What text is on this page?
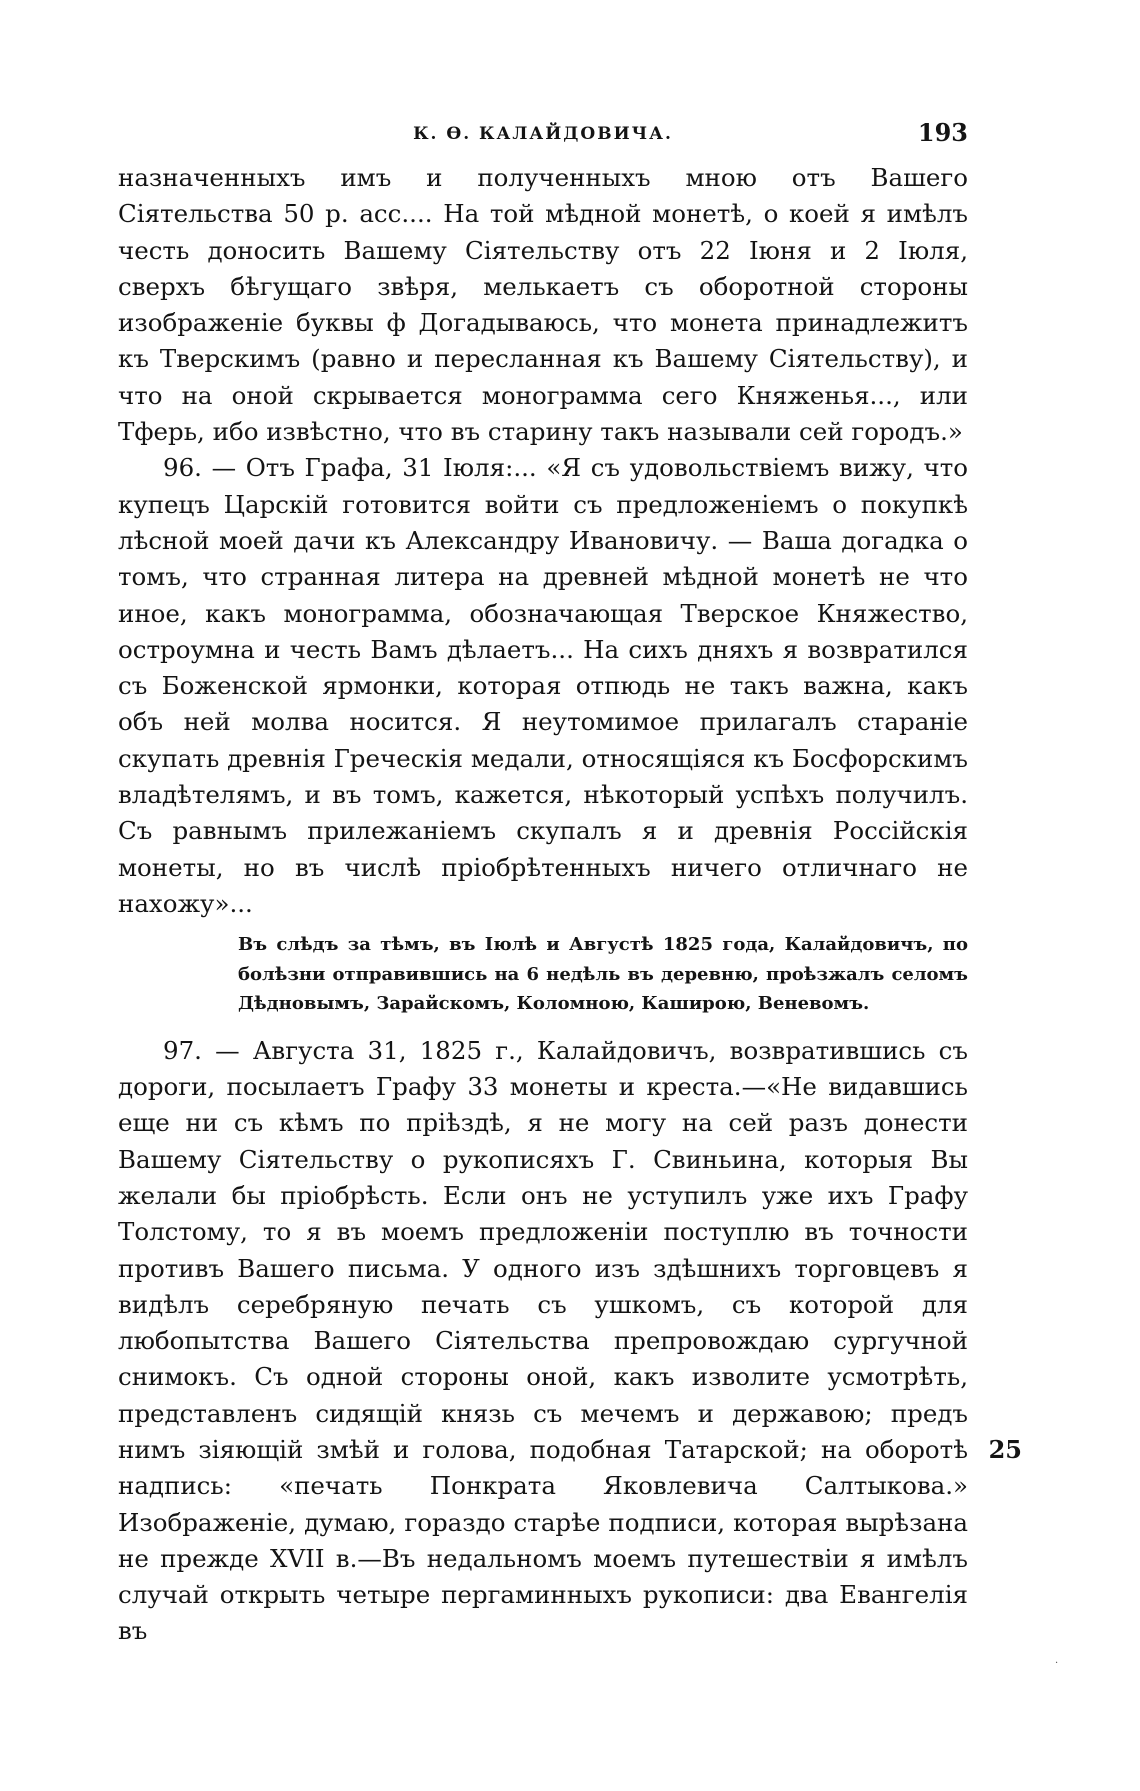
К. Ѳ. КАЛАЙДОВИЧА.	193

назначенныхъ имъ и полученныхъ мною отъ Вашего Сіятельства 50 р. асс.... На той мѣдной монетѣ, о коей я имѣлъ честь доносить Вашему Сіятельству отъ 22 Іюня и 2 Іюля, сверхъ бѣгущаго звѣря, мелькаетъ съ оборотной стороны изображеніе буквы ф Догадываюсь, что монета принадлежитъ къ Тверскимъ (равно и пересланная къ Вашему Сіятельству), и что на оной скрывается монограмма сего Княженья..., или Тферь, ибо извѣстно, что въ старину такъ называли сей городъ.»

96. — Отъ Графа, 31 Іюля:... «Я съ удовольствіемъ вижу, что купецъ Царскій готовится войти съ предложеніемъ о покупкѣ лѣсной моей дачи къ Александру Ивановичу. — Ваша догадка о томъ, что странная литера на древней мѣдной монетѣ не что иное, какъ монограмма, обозначающая Тверское Княжество, остроумна и честь Вамъ дѣлаетъ... На сихъ дняхъ я возвратился съ Боженской ярмонки, которая отпюдь не такъ важна, какъ объ ней молва носится. Я неутомимое прилагалъ стараніе скупать древнія Греческія медали, относящіяся къ Босфорскимъ владѣтелямъ, и въ томъ, кажется, нѣкоторый успѣхъ получилъ. Съ равнымъ прилежаніемъ скупалъ я и древнія Россійскія монеты, но въ числѣ пріобрѣтенныхъ ничего отличнаго не нахожу»...

Въ слѣдъ за тѣмъ, въ Іюлѣ и Августѣ 1825 года, Калайдовичъ, по болѣзни отправившись на 6 недѣль въ деревню, проѣзжалъ селомъ Дѣдновымъ, Зарайскомъ, Коломною, Каширою, Веневомъ.

97. — Августа 31, 1825 г., Калайдовичъ, возвратившись съ дороги, посылаетъ Графу 33 монеты и креста.—«Не видавшись еще ни съ кѣмъ по пріѣздѣ, я не могу на сей разъ донести Вашему Сіятельству о рукописяхъ Г. Свиньина, которыя Вы желали бы пріобрѣсть. Если онъ не уступилъ уже ихъ Графу Толстому, то я въ моемъ предложеніи поступлю въ точности противъ Вашего письма. У одного изъ здѣшнихъ торговцевъ я видѣлъ серебряную печать съ ушкомъ, съ которой для любопытства Вашего Сіятельства препровождаю сургучной снимокъ. Съ одной стороны оной, какъ изволите усмотрѣть, представленъ сидящій князь съ мечемъ и державою; предъ нимъ зіяющій змѣй и голова, подобная Татарской; на оборотѣ надпись: «печать Понкрата Яковлевича Салтыкова.» Изображеніе, думаю, гораздо старѣе подписи, которая вырѣзана не прежде XVII в.—Въ недальномъ моемъ путешествіи я имѣлъ случай открыть четыре пергаминныхъ рукописи: два Евангелія въ

25
·
